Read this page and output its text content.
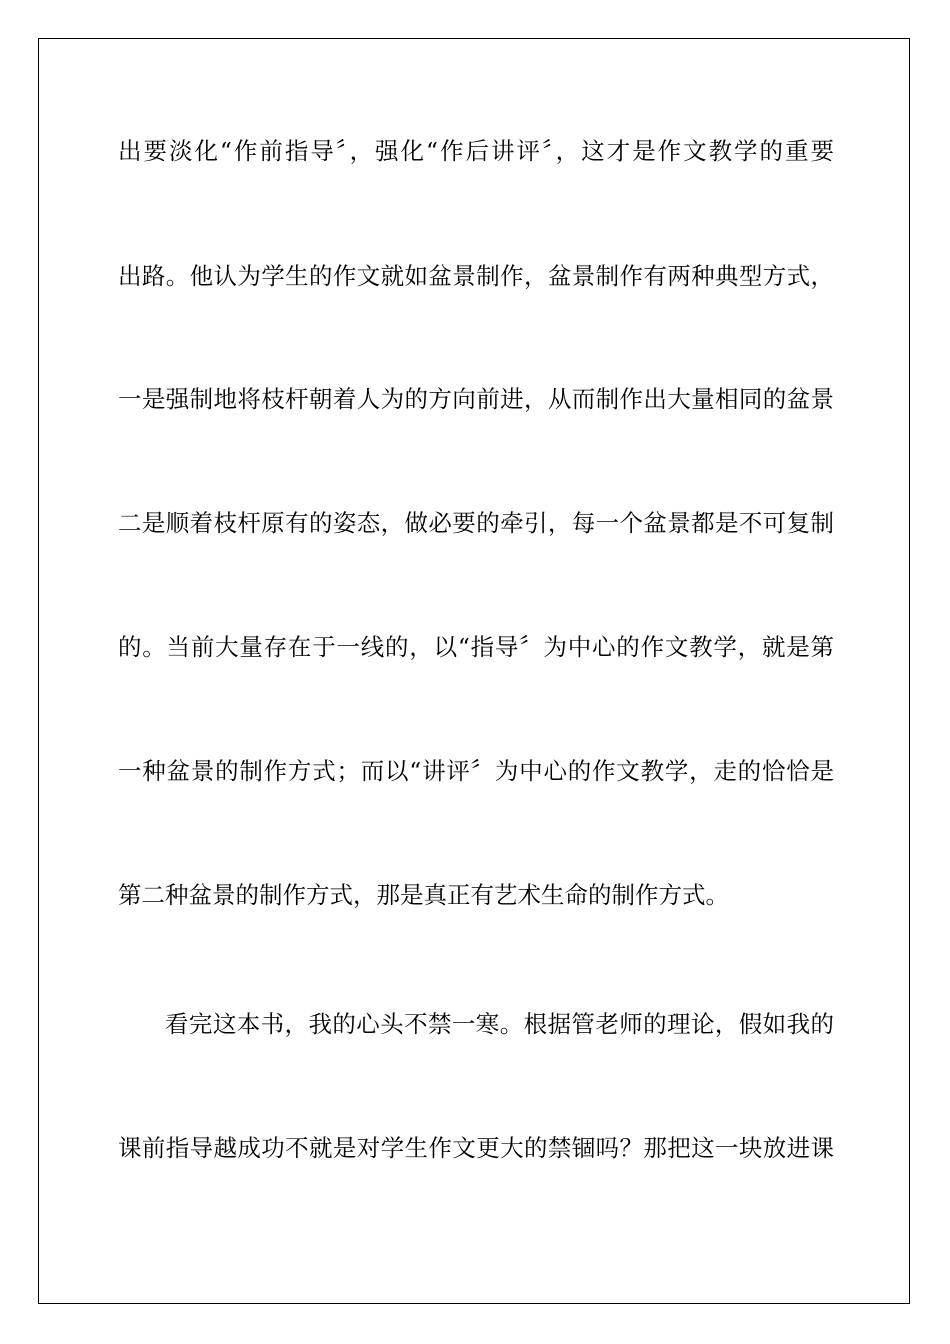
出要淡化“作前指导〞，强化“作后讲评〞，这才是作文教学的重要
出路。他认为学生的作文就如盆景制作，盆景制作有两种典型方式，
一是强制地将枝杆朝着人为的方向前进，从而制作出大量相同的盆景
二是顺着枝杆原有的姿态，做必要的牵引，每一个盆景都是不可复制
的。当前大量存在于一线的，以“指导〞为中心的作文教学，就是第
一种盆景的制作方式；而以“讲评〞为中心的作文教学，走的恰恰是
第二种盆景的制作方式，那是真正有艺术生命的制作方式。
看完这本书，我的心头不禁一寒。根据管老师的理论，假如我的
课前指导越成功不就是对学生作文更大的禁锢吗？那把这一块放进课
